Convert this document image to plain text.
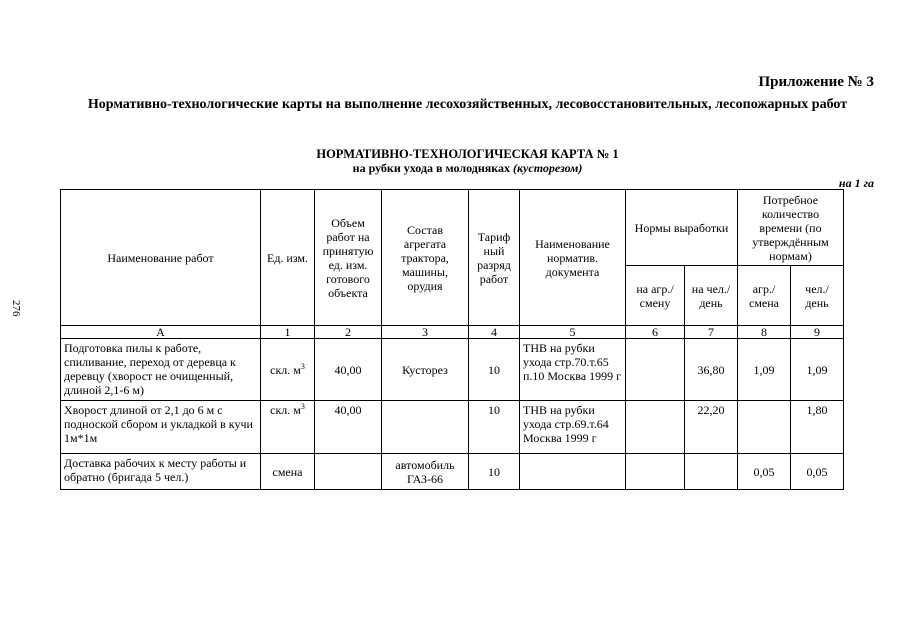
Приложение № 3
Нормативно-технологические карты на выполнение лесохозяйственных, лесовосстановительных, лесопожарных работ
НОРМАТИВНО-ТЕХНОЛОГИЧЕСКАЯ КАРТА № 1
на рубки ухода в молодняках (кусторезом)
на 1 га
276
Наименование работ	Ед. изм.	Объем работ на принятую ед. изм. готового объекта	Состав агрегата трактора, машины, орудия	Тариф ный разряд работ	Наименование норматив. документа	Нормы выработки		Потребное количество времени (по утверждённым нормам)	
						на агр./ смену	на чел./ день	агр./ смена	чел./ день
А	1	2	3	4	5	6	7	8	9
Подготовка пилы к работе, спиливание, переход от деревца к деревцу (хворост не очищенный, длиной 2,1-6 м)	скл. $м^3$	40,00	Кусторез	10	ТНВ на рубки ухода стр.70.т.65 п.10 Москва 1999 г		36,80	1,09	1,09
Хворост длиной от 2,1 до 6 м с подноской сбором и укладкой в кучи 1м*1м	скл. $м^3$	40,00		10	ТНВ на рубки ухода стр.69.т.64 Москва 1999 г		22,20		1,80
Доставка рабочих к месту работы и обратно (бригада 5 чел.)	смена		автомобиль ГАЗ-66	10				0,05	0,05
